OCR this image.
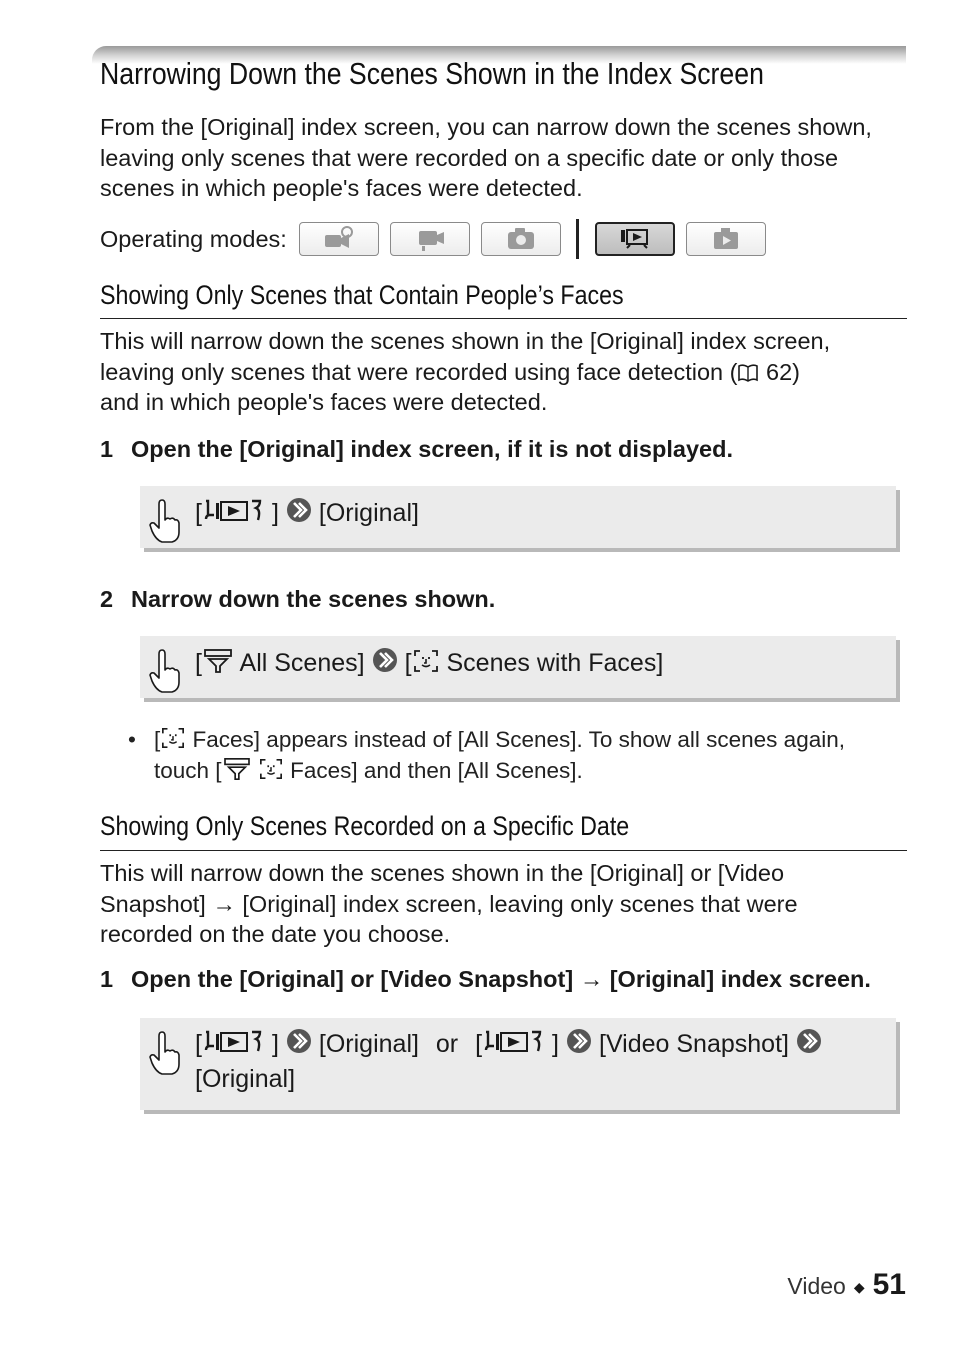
Narrowing Down the Scenes Shown in the Index Screen

From the [Original] index screen, you can narrow down the scenes shown, leaving only scenes that were recorded on a specific date or only those scenes in which people's faces were detected.

Operating modes:
Showing Only Scenes that Contain People’s Faces
This will narrow down the scenes shown in the [Original] index screen,
leaving only scenes that were recorded using face detection ( 62)
and in which people's faces were detected.
1 Open the [Original] index screen, if it is not displayed.
[	] [Original]
2 Narrow down the scenes shown.
[ All Scenes] [ Scenes with Faces]
• [ Faces] appears instead of [All Scenes]. To show all scenes again,
touch [	Faces] and then [All Scenes].
Showing Only Scenes Recorded on a Specific Date
This will narrow down the scenes shown in the [Original] or [Video
Snapshot] → [Original] index screen, leaving only scenes that were
recorded on the date you choose.
1 Open the [Original] or [Video Snapshot] → [Original] index screen.
[	] [Original] or [	] [Video Snapshot]
[Original]
Video ◆ 51
